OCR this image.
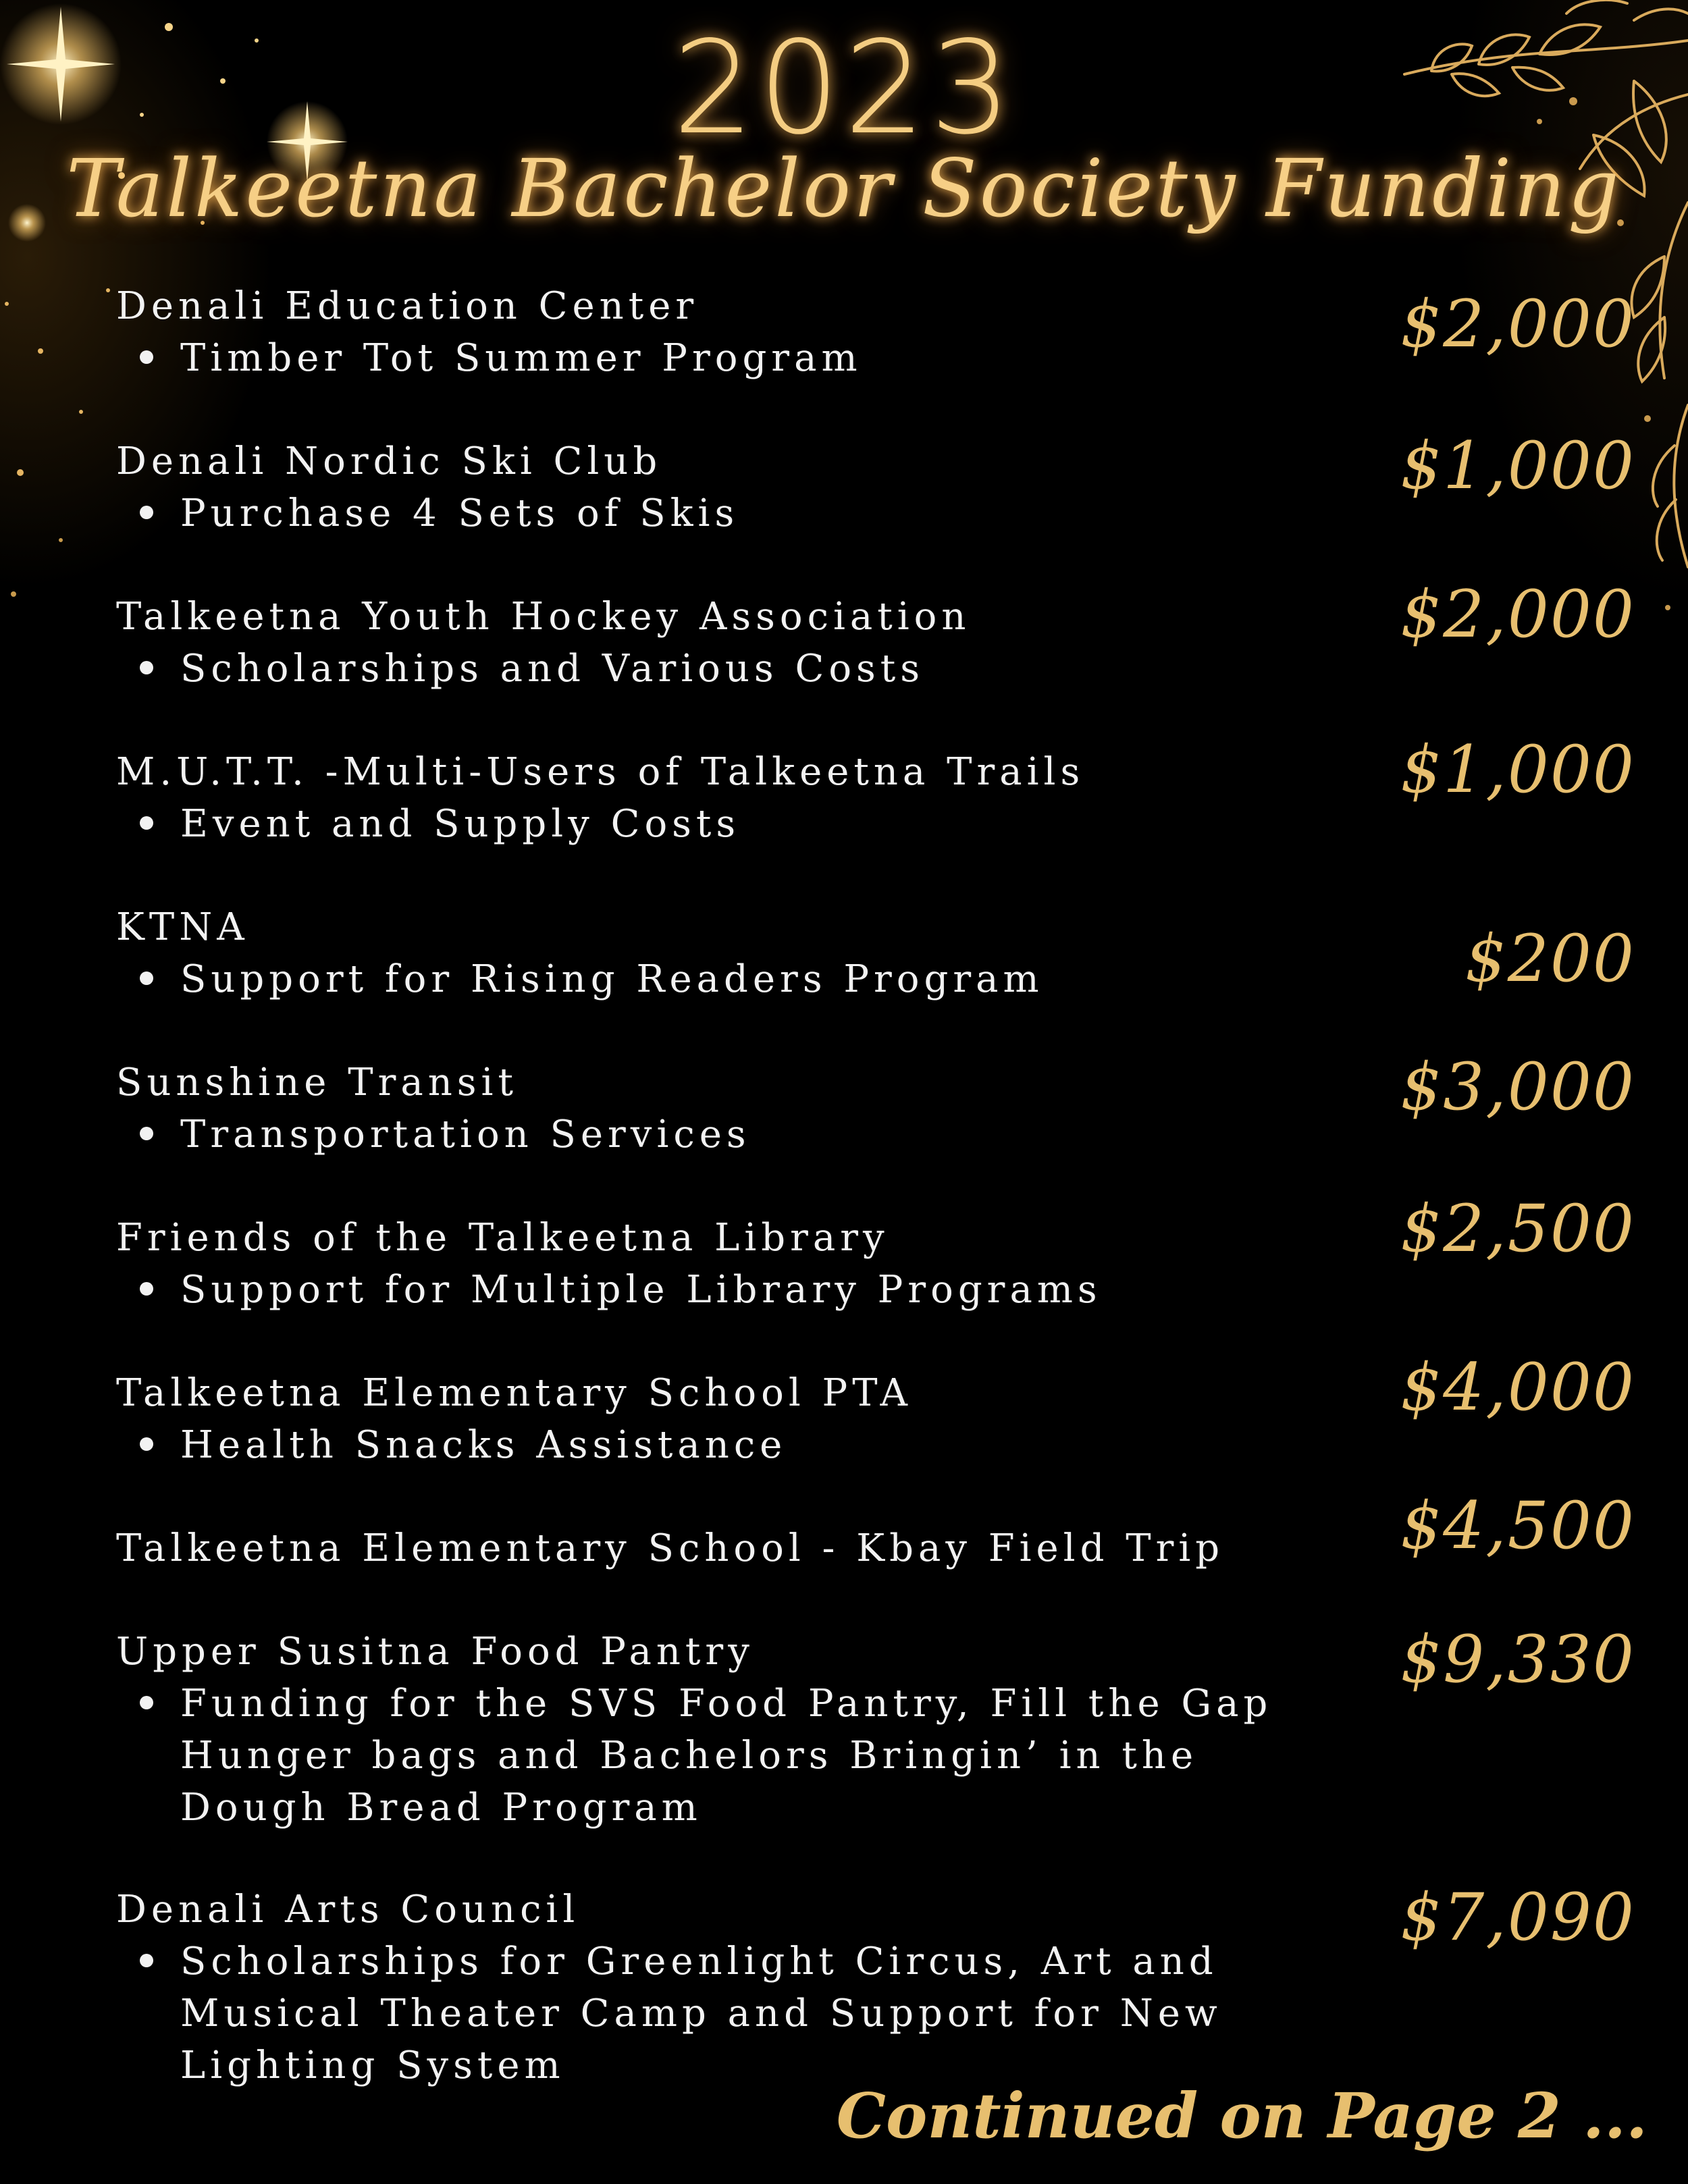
2023
Talkeetna Bachelor Society Funding
Denali Education Center
Timber Tot Summer Program	$2,000
Denali Nordic Ski Club
Purchase 4 Sets of Skis
$1,000
Talkeetna Youth Hockey Association
Scholarships and Various Costs
$2,000
M.U.T.T. -Multi-Users of Talkeetna Trails
Event and Supply Costs
$1,000
KTNA
Support for Rising Readers Program	$200
Sunshine Transit
Transportation Services
$3,000
Friends of the Talkeetna Library
Support for Multiple Library Programs
$2,500
Talkeetna Elementary School PTA
Health Snacks Assistance
$4,000
Talkeetna Elementary School - Kbay Field Trip	$4,500
Upper Susitna Food Pantry
Funding for the SVS Food Pantry, Fill the Gap
Hunger bags and Bachelors Bringin’ in the
Dough Bread Program
$9,330
Denali Arts Council
Scholarships for Greenlight Circus, Art and
Musical Theater Camp and Support for New
Lighting System
$7,090
Continued on Page 2 ...
